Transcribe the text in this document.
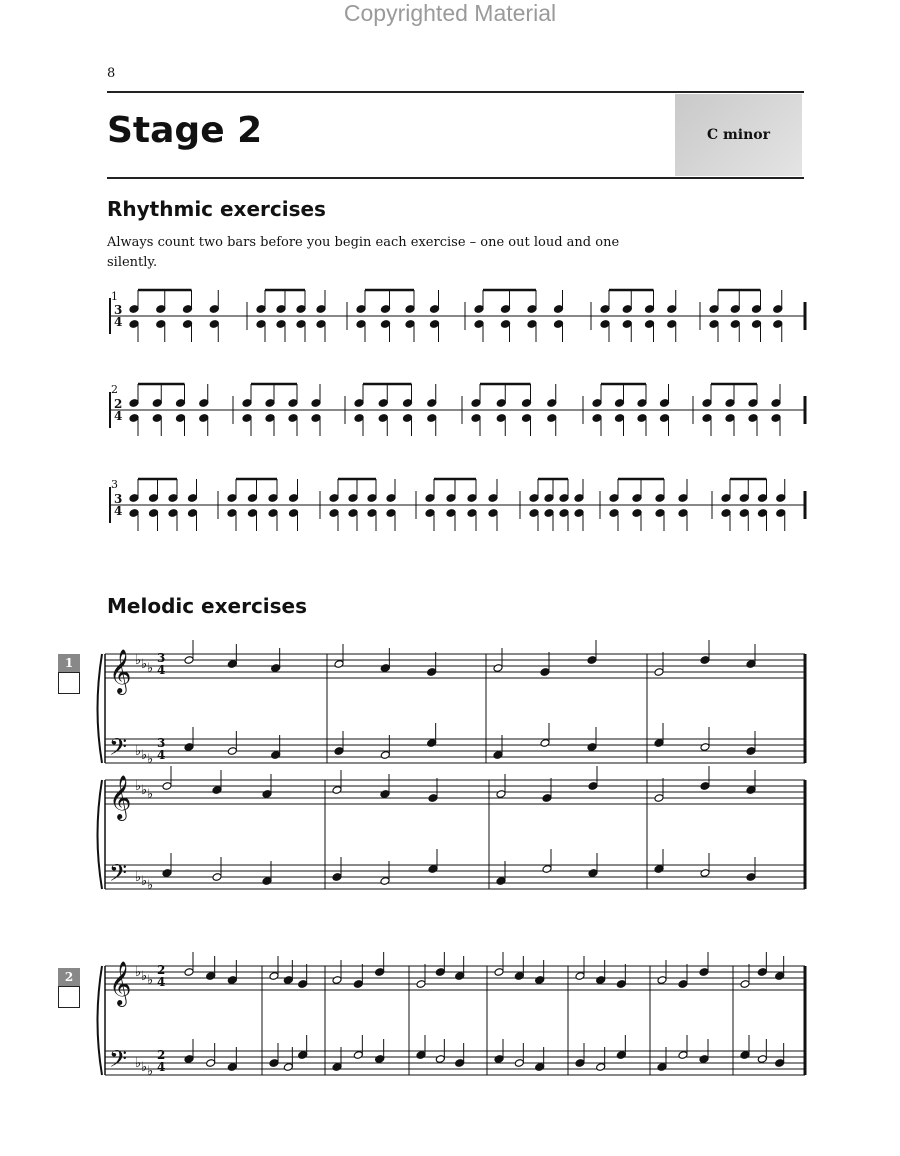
Copyrighted Material
8
Stage 2	C minor
Rhythmic exercises
Always count two bars before you begin each exercise – one out loud and one silently.
1
2
3
Melodic exercises
1
2
3
4
2
4
3
4
𝄞
𝄢
♭
♭
♭
♭
♭
♭
3
4
3
4
𝄞
𝄢
♭
♭
♭
♭
♭
♭
𝄞
𝄢
♭
♭
♭
♭
♭
♭
2
4
2
4
